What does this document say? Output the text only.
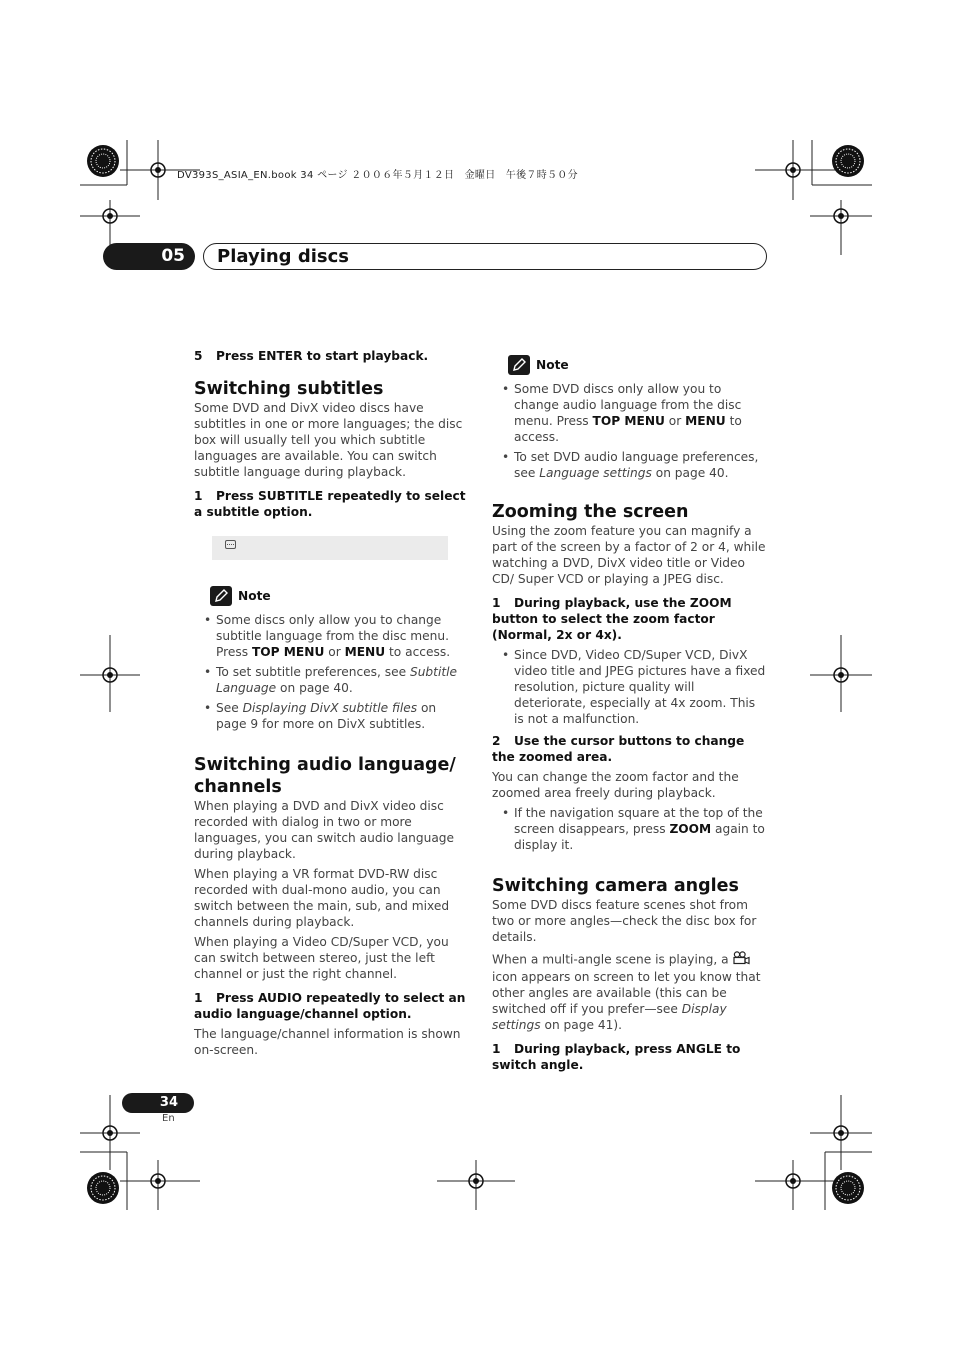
DV393S_ASIA_EN.book 34 ページ ２００６年５月１２日　金曜日　午後７時５０分
05	Playing discs

5 Press ENTER to start playback.

Switching subtitles

Some DVD and DivX video discs have subtitles in one or more languages; the disc box will usually tell you which subtitle languages are available. You can switch subtitle language during playback.

1 Press SUBTITLE repeatedly to select a subtitle option.

Note
• Some discs only allow you to change subtitle language from the disc menu. Press TOP MENU or MENU to access.
• To set subtitle preferences, see Subtitle Language on page 40.
• See Displaying DivX subtitle files on page 9 for more on DivX subtitles.
Switching audio language/ channels

When playing a DVD and DivX video disc recorded with dialog in two or more languages, you can switch audio language during playback.

When playing a VR format DVD-RW disc recorded with dual-mono audio, you can switch between the main, sub, and mixed channels during playback.

When playing a Video CD/Super VCD, you can switch between stereo, just the left channel or just the right channel.

1 Press AUDIO repeatedly to select an audio language/channel option.

The language/channel information is shown on-screen.

Note
• Some DVD discs only allow you to change audio language from the disc menu. Press TOP MENU or MENU to access.
• To set DVD audio language preferences, see Language settings on page 40.
Zooming the screen

Using the zoom feature you can magnify a part of the screen by a factor of 2 or 4, while watching a DVD, DivX video title or Video CD/ Super VCD or playing a JPEG disc.

1 During playback, use the ZOOM button to select the zoom factor (Normal, 2x or 4x).

• Since DVD, Video CD/Super VCD, DivX video title and JPEG pictures have a fixed resolution, picture quality will deteriorate, especially at 4x zoom. This is not a malfunction.

2 Use the cursor buttons to change the zoomed area.

You can change the zoom factor and the zoomed area freely during playback.

• If the navigation square at the top of the screen disappears, press ZOOM again to display it.
Switching camera angles

Some DVD discs feature scenes shot from two or more angles—check the disc box for details.

When a multi-angle scene is playing, a  icon appears on screen to let you know that other angles are available (this can be switched off if you prefer—see Display settings on page 41).

1 During playback, press ANGLE to switch angle.

34
En
